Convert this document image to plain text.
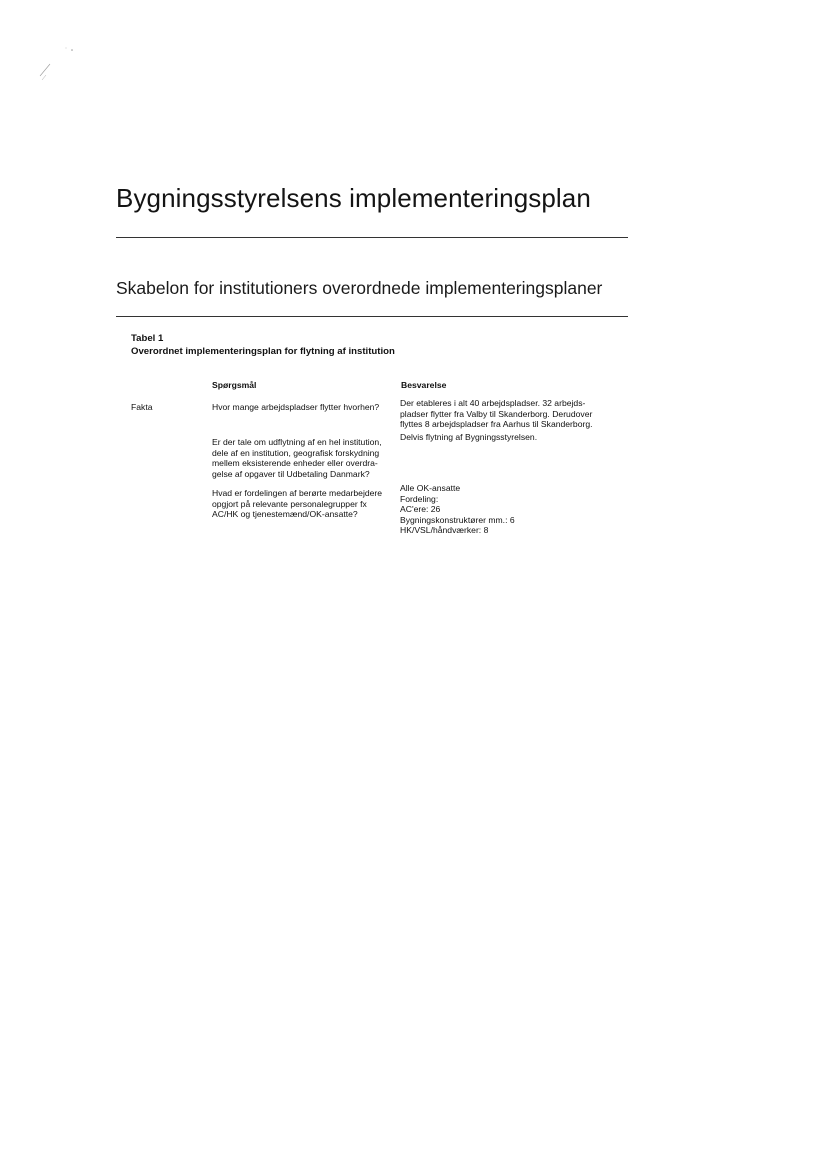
Bygningsstyrelsens implementeringsplan
Skabelon for institutioners overordnede implementeringsplaner
Tabel 1
Overordnet implementeringsplan for flytning af institution
Spørgsmål	Besvarelse
Fakta	Hvor mange arbejdspladser flytter hvorhen? Der etableres i alt 40 arbejdspladser. 32 arbejds-
pladser flytter fra Valby til Skanderborg. Derudover
flyttes 8 arbejdspladser fra Aarhus til Skanderborg.
Er der tale om udflytning af en hel institution,
dele af en institution, geografisk forskydning
mellem eksisterende enheder eller overdra-
gelse af opgaver til Udbetaling Danmark?
Delvis flytning af Bygningsstyrelsen.
Hvad er fordelingen af berørte medarbejdere
opgjort på relevante personalegrupper fx
AC/HK og tjenestemænd/OK-ansatte?
Alle OK-ansatte
Fordeling:
AC'ere: 26
Bygningskonstruktører mm.: 6
HK/VSL/håndværker: 8
